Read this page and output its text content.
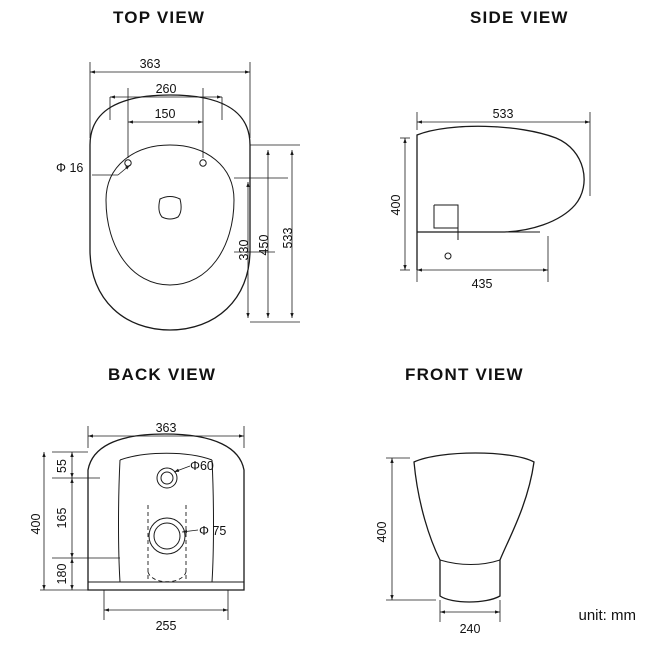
TOP VIEW	SIDE VIEW
BACK VIEW	FRONT VIEW
unit: mm
363
260
150
Φ 16
330 450 533
533
400
435
363
55
165
180
400
Φ60
Φ 75
255
400
240
